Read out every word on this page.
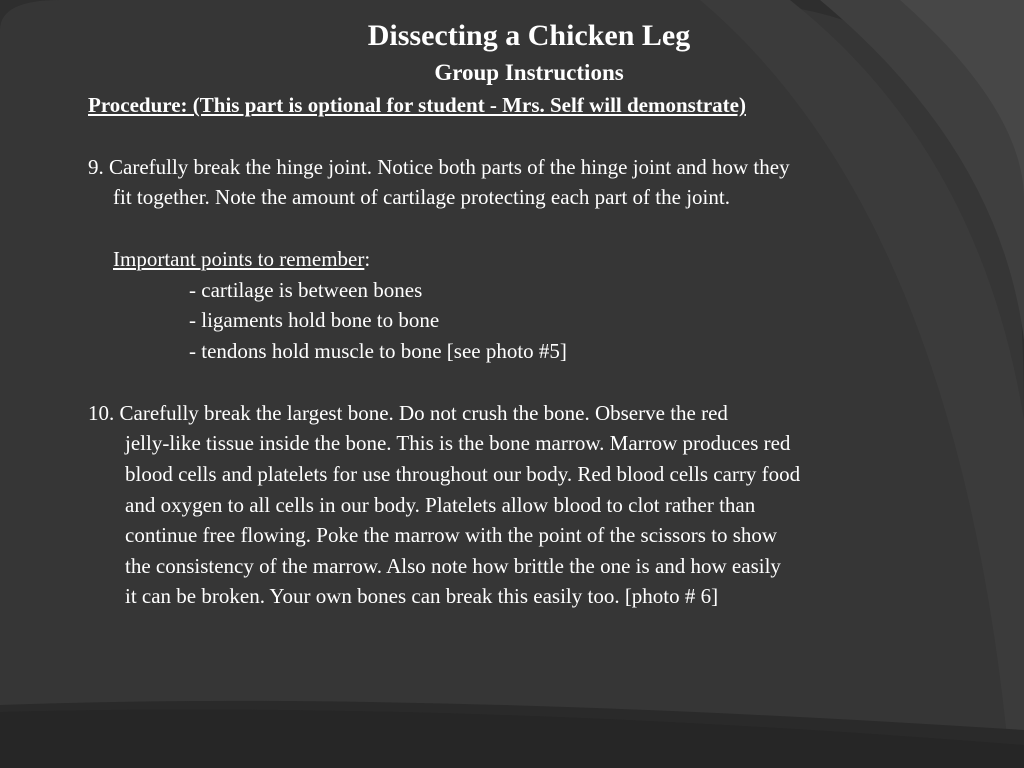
Dissecting a Chicken Leg
Group Instructions
Procedure: (This part is optional for student - Mrs. Self will demonstrate)
9. Carefully break the hinge joint. Notice both parts of the hinge joint and how they
fit together. Note the amount of cartilage protecting each part of the joint.
Important points to remember:
- cartilage is between bones
- ligaments hold bone to bone
- tendons hold muscle to bone [see photo #5]
10. Carefully break the largest bone. Do not crush the bone. Observe the red
jelly-like tissue inside the bone. This is the bone marrow. Marrow produces red
blood cells and platelets for use throughout our body. Red blood cells carry food
and oxygen to all cells in our body. Platelets allow blood to clot rather than
continue free flowing. Poke the marrow with the point of the scissors to show
the consistency of the marrow. Also note how brittle the one is and how easily
it can be broken. Your own bones can break this easily too. [photo # 6]
